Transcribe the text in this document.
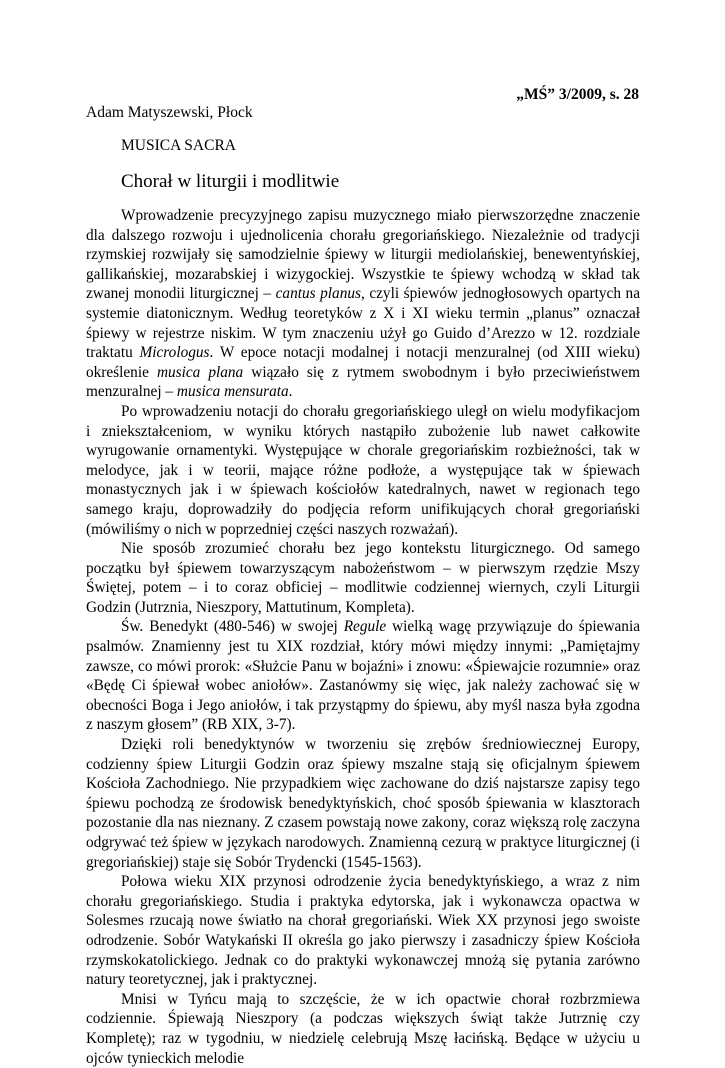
„MŚ” 3/2009, s. 28
Adam Matyszewski, Płock
MUSICA SACRA
Chorał w liturgii i modlitwie

Wprowadzenie precyzyjnego zapisu muzycznego miało pierwszorzędne znaczenie dla dalszego rozwoju i ujednolicenia chorału gregoriańskiego. Niezależnie od tradycji rzymskiej rozwijały się samodzielnie śpiewy w liturgii mediolańskiej, benewentyńskiej, gallikańskiej, mozarabskiej i wizygockiej. Wszystkie te śpiewy wchodzą w skład tak zwanej monodii liturgicznej – cantus planus, czyli śpiewów jednogłosowych opartych na systemie diatonicznym. Według teoretyków z X i XI wieku termin „planus” oznaczał śpiewy w rejestrze niskim. W tym znaczeniu użył go Guido d’Arezzo w 12. rozdziale traktatu Micrologus. W epoce notacji modalnej i notacji menzuralnej (od XIII wieku) określenie musica plana wiązało się z rytmem swobodnym i było przeciwieństwem menzuralnej – musica mensurata.

Po wprowadzeniu notacji do chorału gregoriańskiego uległ on wielu modyfikacjom i zniekształceniom, w wyniku których nastąpiło zubożenie lub nawet całkowite wyrugowanie ornamentyki. Występujące w chorale gregoriańskim rozbieżności, tak w melodyce, jak i w teorii, mające różne podłoże, a występujące tak w śpiewach monastycznych jak i w śpiewach kościołów katedralnych, nawet w regionach tego samego kraju, doprowadziły do podjęcia reform unifikujących chorał gregoriański (mówiliśmy o nich w poprzedniej części naszych rozważań).

Nie sposób zrozumieć chorału bez jego kontekstu liturgicznego. Od samego początku był śpiewem towarzyszącym nabożeństwom – w pierwszym rzędzie Mszy Świętej, potem – i to coraz obficiej – modlitwie codziennej wiernych, czyli Liturgii Godzin (Jutrznia, Nieszpory, Mattutinum, Kompleta).

Św. Benedykt (480-546) w swojej Regule wielką wagę przywiązuje do śpiewania psalmów. Znamienny jest tu XIX rozdział, który mówi między innymi: „Pamiętajmy zawsze, co mówi prorok: «Służcie Panu w bojaźni» i znowu: «Śpiewajcie rozumnie» oraz «Będę Ci śpiewał wobec aniołów». Zastanówmy się więc, jak należy zachować się w obecności Boga i Jego aniołów, i tak przystąpmy do śpiewu, aby myśl nasza była zgodna z naszym głosem” (RB XIX, 3-7).

Dzięki roli benedyktynów w tworzeniu się zrębów średniowiecznej Europy, codzienny śpiew Liturgii Godzin oraz śpiewy mszalne stają się oficjalnym śpiewem Kościoła Zachodniego. Nie przypadkiem więc zachowane do dziś najstarsze zapisy tego śpiewu pochodzą ze środowisk benedyktyńskich, choć sposób śpiewania w klasztorach pozostanie dla nas nieznany. Z czasem powstają nowe zakony, coraz większą rolę zaczyna odgrywać też śpiew w językach narodowych. Znamienną cezurą w praktyce liturgicznej (i gregoriańskiej) staje się Sobór Trydencki (1545-1563).

Połowa wieku XIX przynosi odrodzenie życia benedyktyńskiego, a wraz z nim chorału gregoriańskiego. Studia i praktyka edytorska, jak i wykonawcza opactwa w Solesmes rzucają nowe światło na chorał gregoriański. Wiek XX przynosi jego swoiste odrodzenie. Sobór Watykański II określa go jako pierwszy i zasadniczy śpiew Kościoła rzymskokatolickiego. Jednak co do praktyki wykonawczej mnożą się pytania zarówno natury teoretycznej, jak i praktycznej.

Mnisi w Tyńcu mają to szczęście, że w ich opactwie chorał rozbrzmiewa codziennie. Śpiewają Nieszpory (a podczas większych świąt także Jutrznię czy Kompletę); raz w tygodniu, w niedzielę celebrują Mszę łacińską. Będące w użyciu u ojców tynieckich melodie
